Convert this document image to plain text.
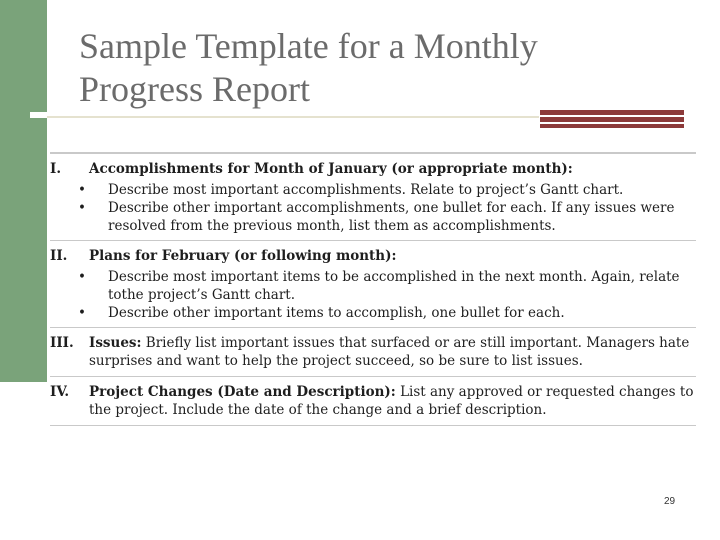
Sample Template for a Monthly
Progress Report
I.	Accomplishments for Month of January (or appropriate month):
•	Describe most important accomplishments. Relate to project’s Gantt chart.
•	Describe other important accomplishments, one bullet for each. If any issues were resolved from the previous month, list them as accomplishments.
II.	Plans for February (or following month):
•	Describe most important items to be accomplished in the next month. Again, relate tothe project’s Gantt chart.
•	Describe other important items to accomplish, one bullet for each.
III.	Issues: Briefly list important issues that surfaced or are still important. Managers hate surprises and want to help the project succeed, so be sure to list issues.
IV.	Project Changes (Date and Description): List any approved or requested changes to the project. Include the date of the change and a brief description.
29
